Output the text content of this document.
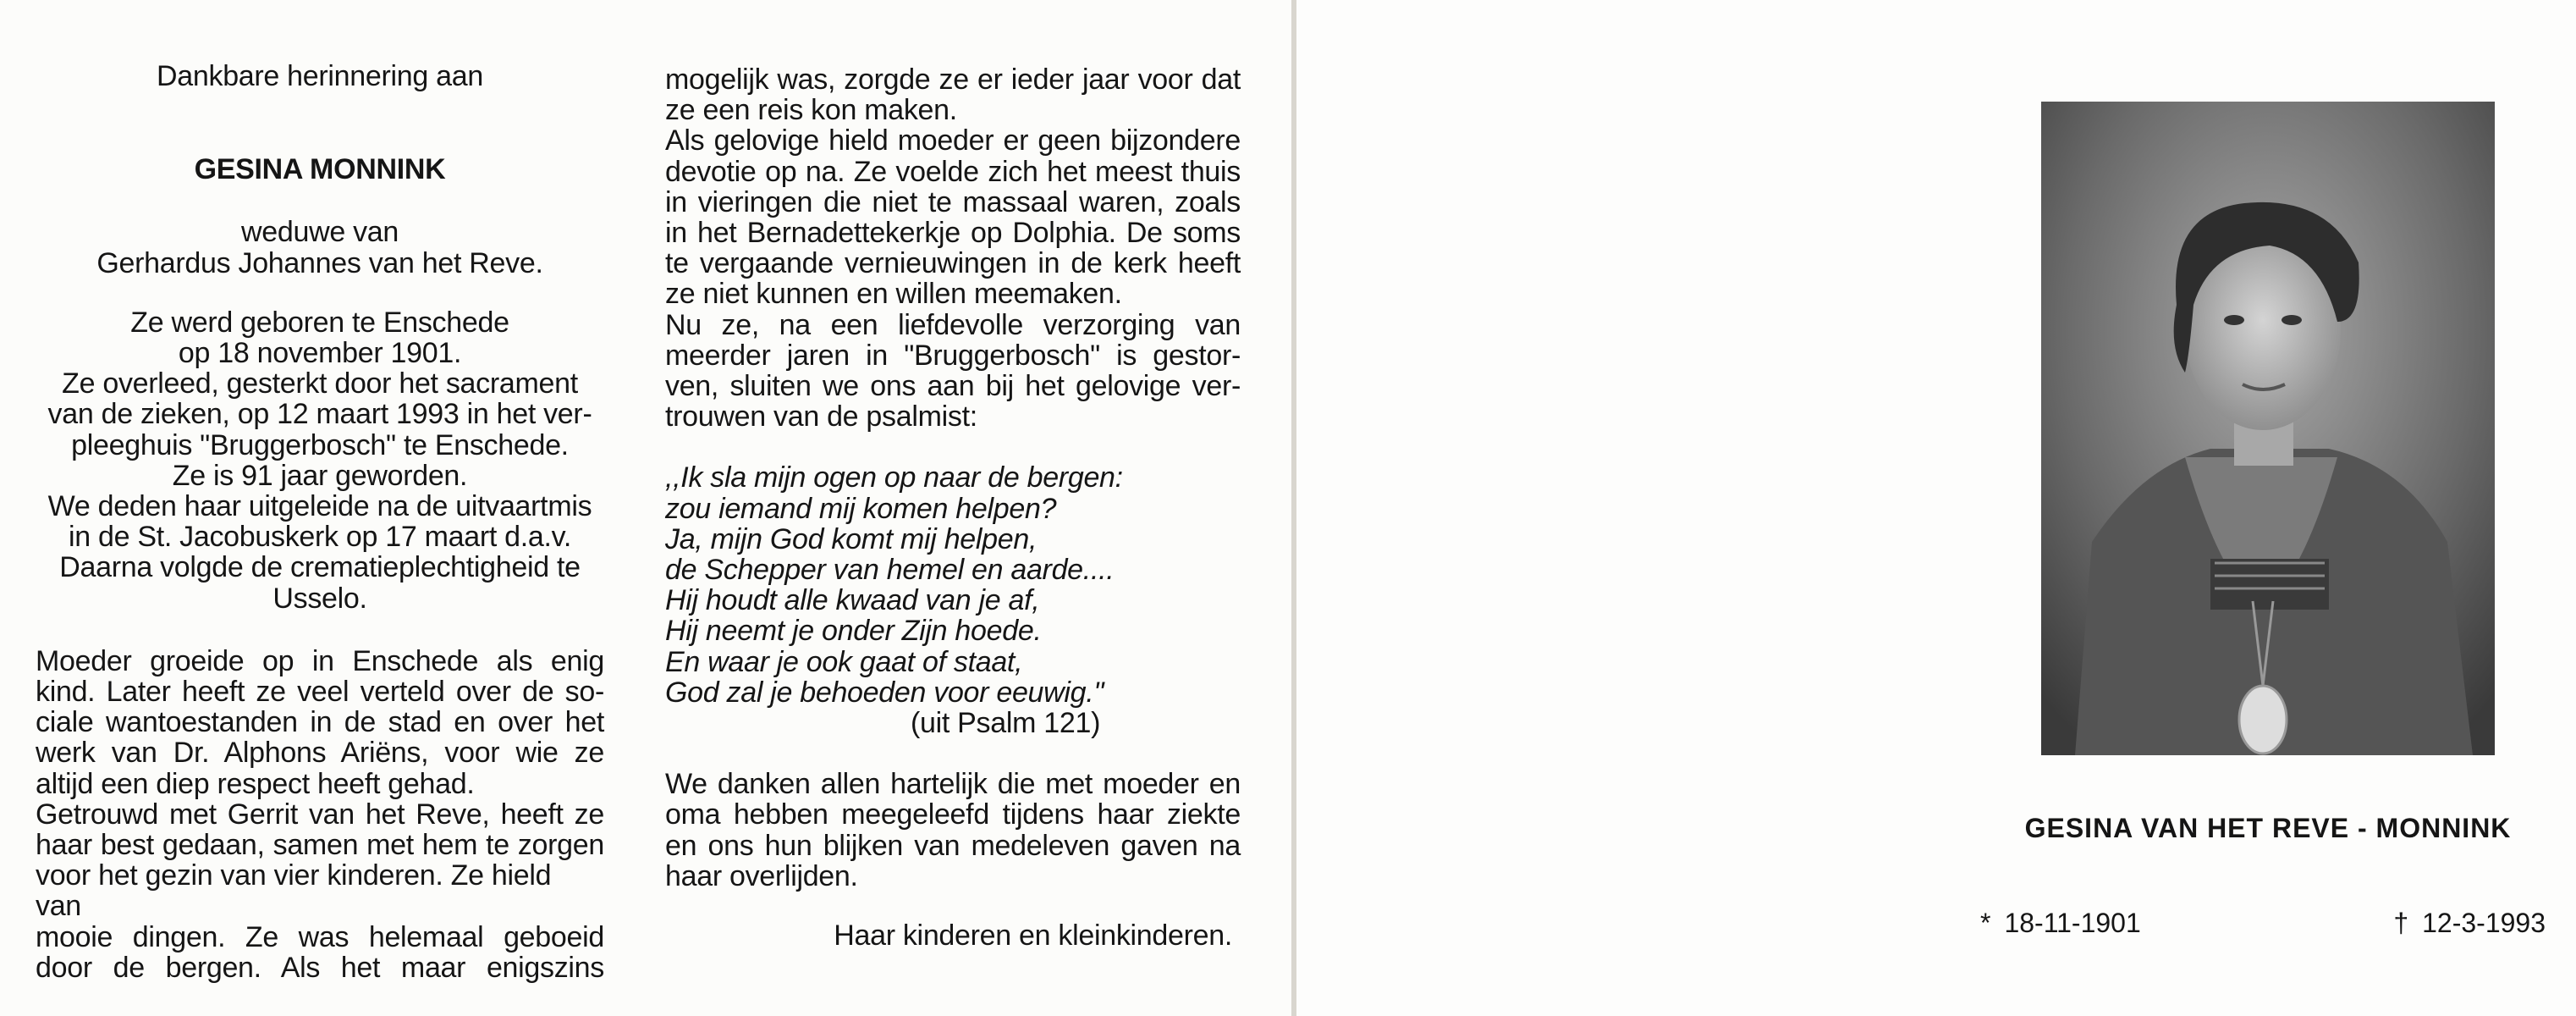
Dankbare herinnering aan
GESINA MONNINK
weduwe van
Gerhardus Johannes van het Reve.
Ze werd geboren te Enschede
op 18 november 1901.
Ze overleed, gesterkt door het sacrament
van de zieken, op 12 maart 1993 in het ver-
pleeghuis "Bruggerbosch" te Enschede.
Ze is 91 jaar geworden.
We deden haar uitgeleide na de uitvaartmis
in de St. Jacobuskerk op 17 maart d.a.v.
Daarna volgde de crematieplechtigheid te
Usselo.
Moeder groeide op in Enschede als enig
kind. Later heeft ze veel verteld over de so-
ciale wantoestanden in de stad en over het
werk van Dr. Alphons Ariëns, voor wie ze
altijd een diep respect heeft gehad.
Getrouwd met Gerrit van het Reve, heeft ze
haar best gedaan, samen met hem te zorgen
voor het gezin van vier kinderen. Ze hield van
mooie dingen. Ze was helemaal geboeid
door de bergen. Als het maar enigszins
mogelijk was, zorgde ze er ieder jaar voor dat
ze een reis kon maken.
Als gelovige hield moeder er geen bijzondere
devotie op na. Ze voelde zich het meest thuis
in vieringen die niet te massaal waren, zoals
in het Bernadettekerkje op Dolphia. De soms
te vergaande vernieuwingen in de kerk heeft
ze niet kunnen en willen meemaken.
Nu ze, na een liefdevolle verzorging van
meerder jaren in "Bruggerbosch" is gestor-
ven, sluiten we ons aan bij het gelovige ver-
trouwen van de psalmist:
,,Ik sla mijn ogen op naar de bergen:
zou iemand mij komen helpen?
Ja, mijn God komt mij helpen,
de Schepper van hemel en aarde....
Hij houdt alle kwaad van je af,
Hij neemt je onder Zijn hoede.
En waar je ook gaat of staat,
God zal je behoeden voor eeuwig."
(uit Psalm 121)
We danken allen hartelijk die met moeder en
oma hebben meegeleefd tijdens haar ziekte
en ons hun blijken van medeleven gaven na
haar overlijden.
Haar kinderen en kleinkinderen.
GESINA VAN HET REVE - MONNINK
* 18-11-1901	† 12-3-1993
